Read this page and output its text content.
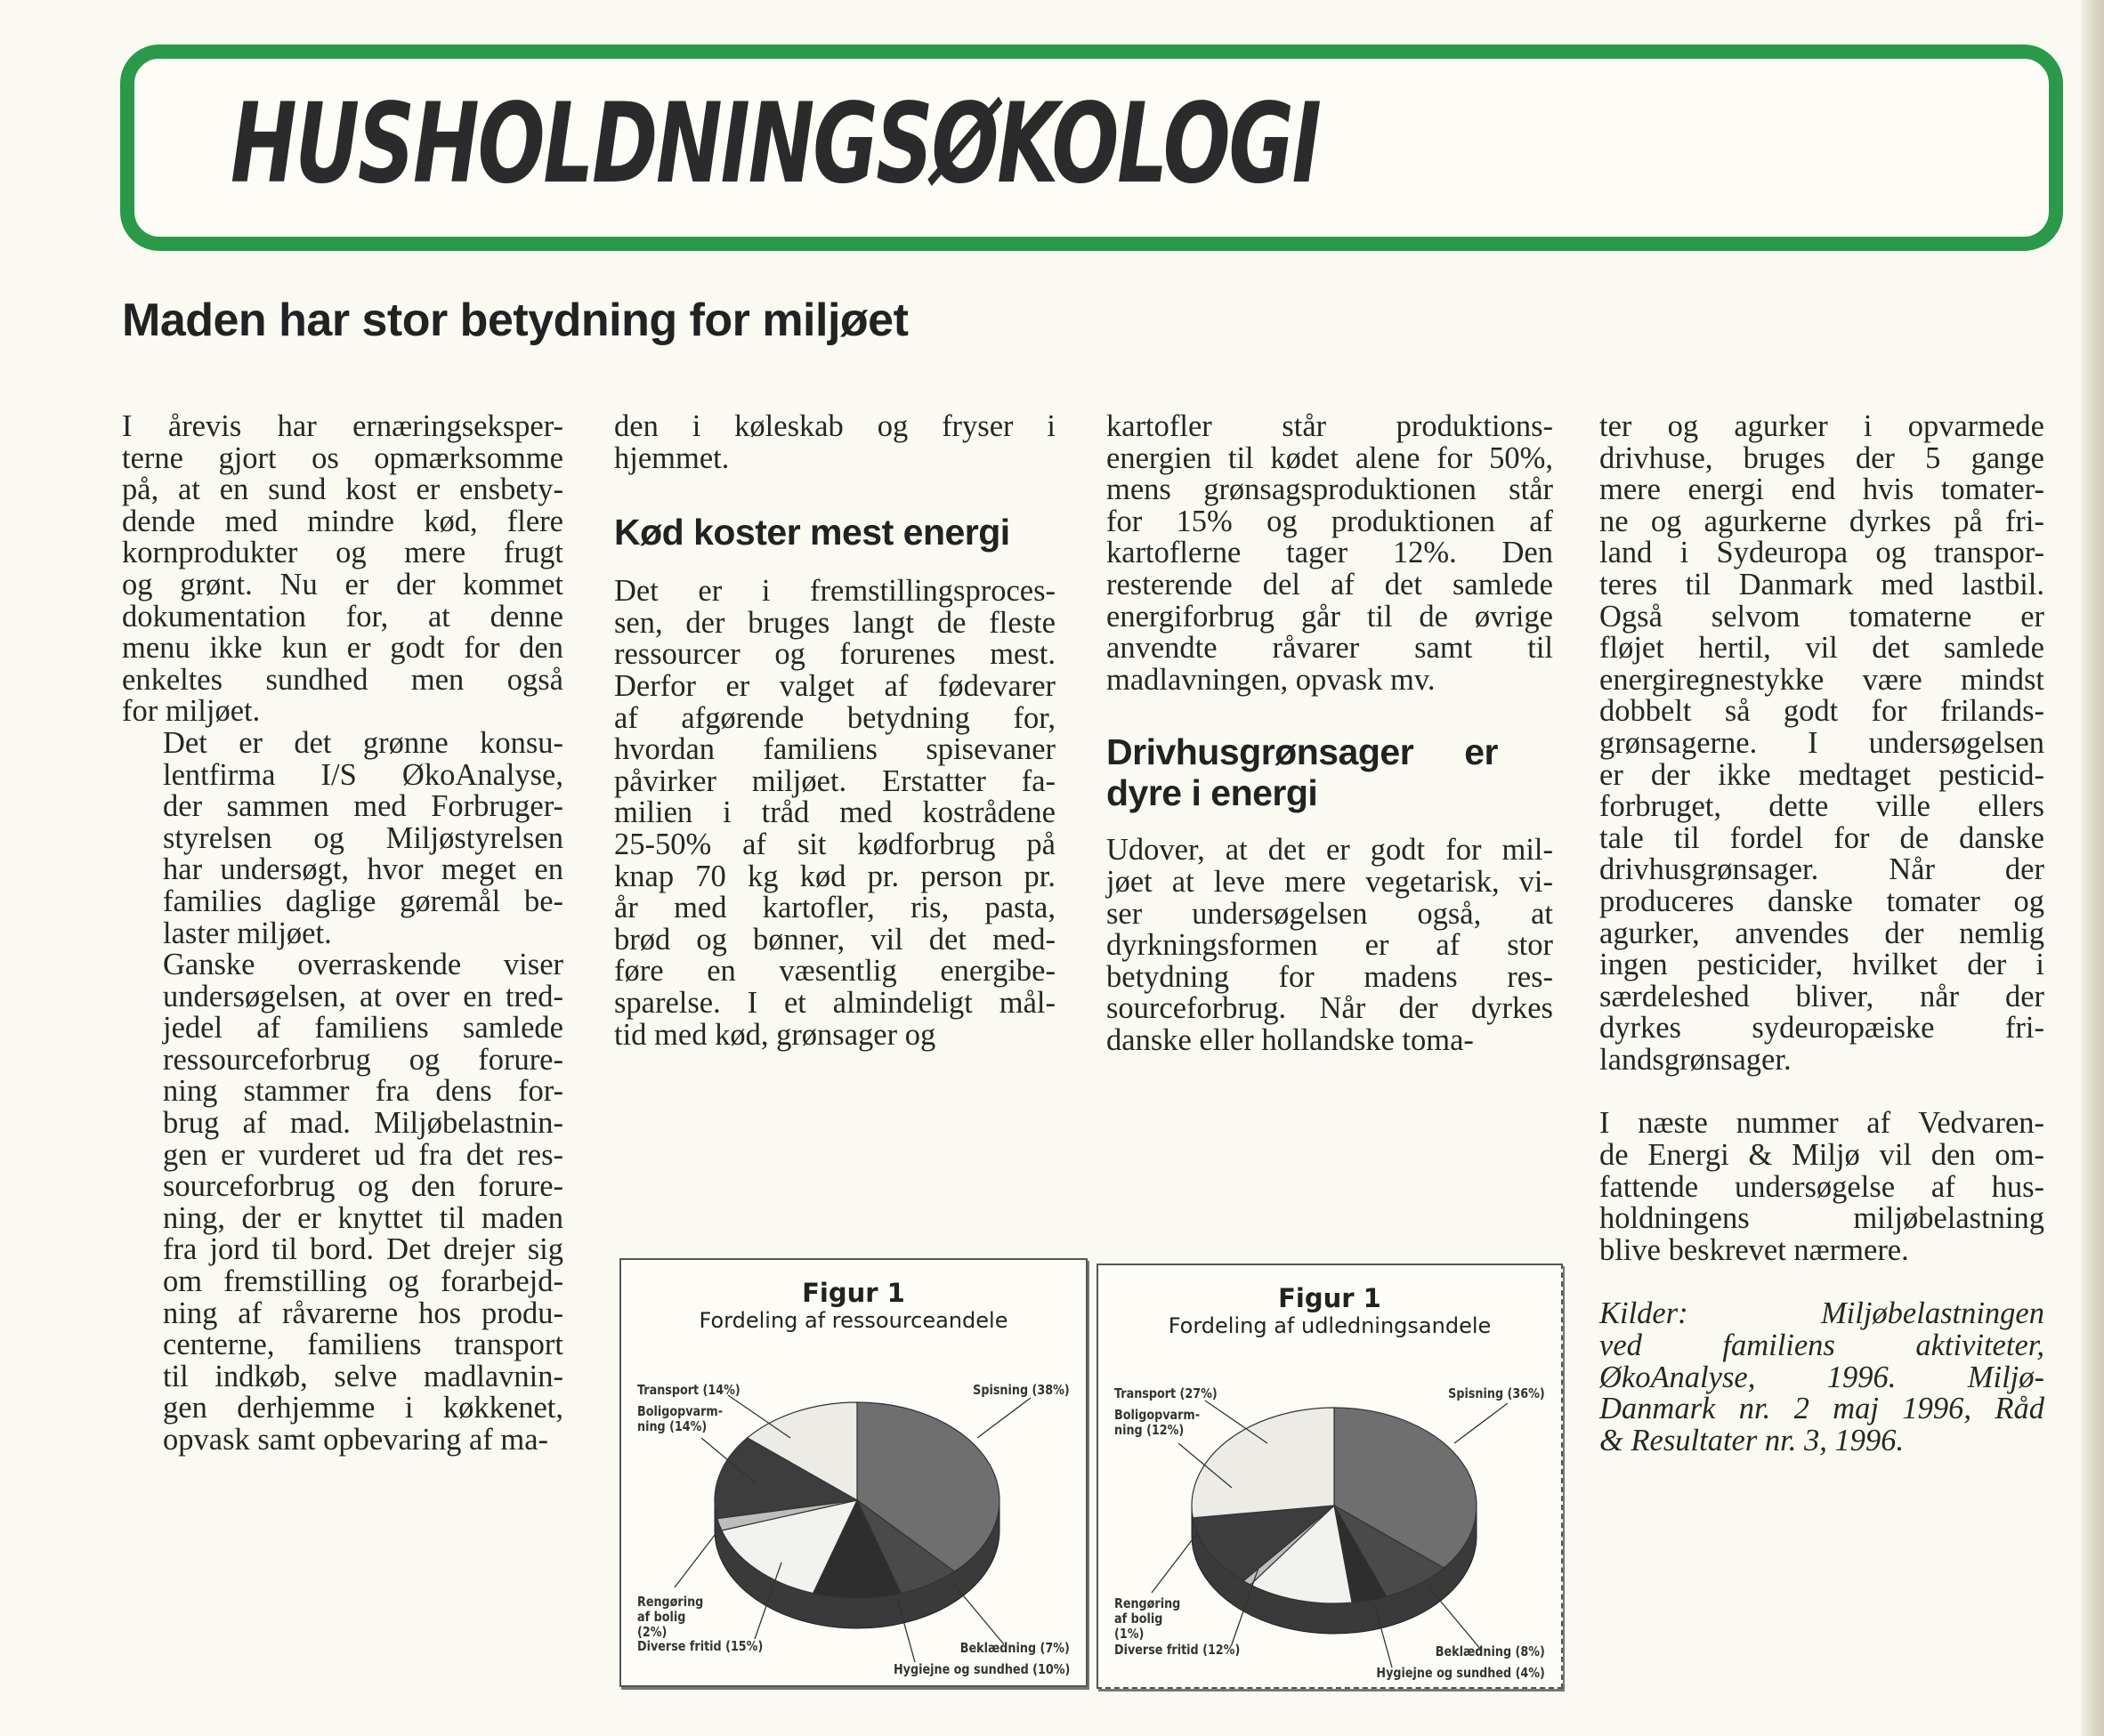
HUSHOLDNINGSØKOLOGI
Maden har stor betydning for miljøet

I årevis har ernæringseksper-
terne gjort os opmærksomme
på, at en sund kost er ensbety-
dende med mindre kød, flere
kornprodukter og mere frugt
og grønt. Nu er der kommet
dokumentation for, at denne
menu ikke kun er godt for den
enkeltes sundhed men også
for miljøet.

Det er det grønne konsu-
lentfirma I/S ØkoAnalyse,
der sammen med Forbruger-
styrelsen og Miljøstyrelsen
har undersøgt, hvor meget en
families daglige gøremål be-
laster miljøet.

Ganske overraskende viser
undersøgelsen, at over en tred-
jedel af familiens samlede
ressourceforbrug og forure-
ning stammer fra dens for-
brug af mad. Miljøbelastnin-
gen er vurderet ud fra det res-
sourceforbrug og den forure-
ning, der er knyttet til maden
fra jord til bord. Det drejer sig
om fremstilling og forarbejd-
ning af råvarerne hos produ-
centerne, familiens transport
til indkøb, selve madlavnin-
gen derhjemme i køkkenet,
opvask samt opbevaring af ma-

den i køleskab og fryser i
hjemmet.

Kød koster mest energi

Det er i fremstillingsproces-
sen, der bruges langt de fleste
ressourcer og forurenes mest.
Derfor er valget af fødevarer
af afgørende betydning for,
hvordan familiens spisevaner
påvirker miljøet. Erstatter fa-
milien i tråd med kostrådene
25-50% af sit kødforbrug på
knap 70 kg kød pr. person pr.
år med kartofler, ris, pasta,
brød og bønner, vil det med-
føre en væsentlig energibe-
sparelse. I et almindeligt mål-
tid med kød, grønsager og

kartofler står produktions-
energien til kødet alene for 50%,
mens grønsagsproduktionen står
for 15% og produktionen af
kartoflerne tager 12%. Den
resterende del af det samlede
energiforbrug går til de øvrige
anvendte råvarer samt til
madlavningen, opvask mv.

Drivhusgrønsager er dyre i energi

Udover, at det er godt for mil-
jøet at leve mere vegetarisk, vi-
ser undersøgelsen også, at
dyrkningsformen er af stor
betydning for madens res-
sourceforbrug. Når der dyrkes
danske eller hollandske toma-

ter og agurker i opvarmede
drivhuse, bruges der 5 gange
mere energi end hvis tomater-
ne og agurkerne dyrkes på fri-
land i Sydeuropa og transpor-
teres til Danmark med lastbil.
Også selvom tomaterne er
fløjet hertil, vil det samlede
energiregnestykke være mindst
dobbelt så godt for frilands-
grønsagerne. I undersøgelsen
er der ikke medtaget pesticid-
forbruget, dette ville ellers
tale til fordel for de danske
drivhusgrønsager. Når der
produceres danske tomater og
agurker, anvendes der nemlig
ingen pesticider, hvilket der i
særdeleshed bliver, når der
dyrkes sydeuropæiske fri-
landsgrønsager.

I næste nummer af Vedvaren-
de Energi & Miljø vil den om-
fattende undersøgelse af hus-
holdningens miljøbelastning
blive beskrevet nærmere.

Kilder: Miljøbelastningen
ved familiens aktiviteter,
ØkoAnalyse, 1996. Miljø-
Danmark nr. 2 maj 1996, Råd
& Resultater nr. 3, 1996.

Figur 1
Fordeling af ressourceandele
Transport (14%)
Boligopvarm-ning (14%)
Spisning (38%)
Rengøring af bolig (2%)
Diverse fritid (15%)	Beklædning (7%)
Hygiejne og sundhed (10%)
Figur 1
Fordeling af udledningsandele
Transport (27%)
Boligopvarm-ning (12%)
Spisning (36%)
Rengøring af bolig (1%)
Diverse fritid (12%)	Beklædning (8%)
Hygiejne og sundhed (4%)
